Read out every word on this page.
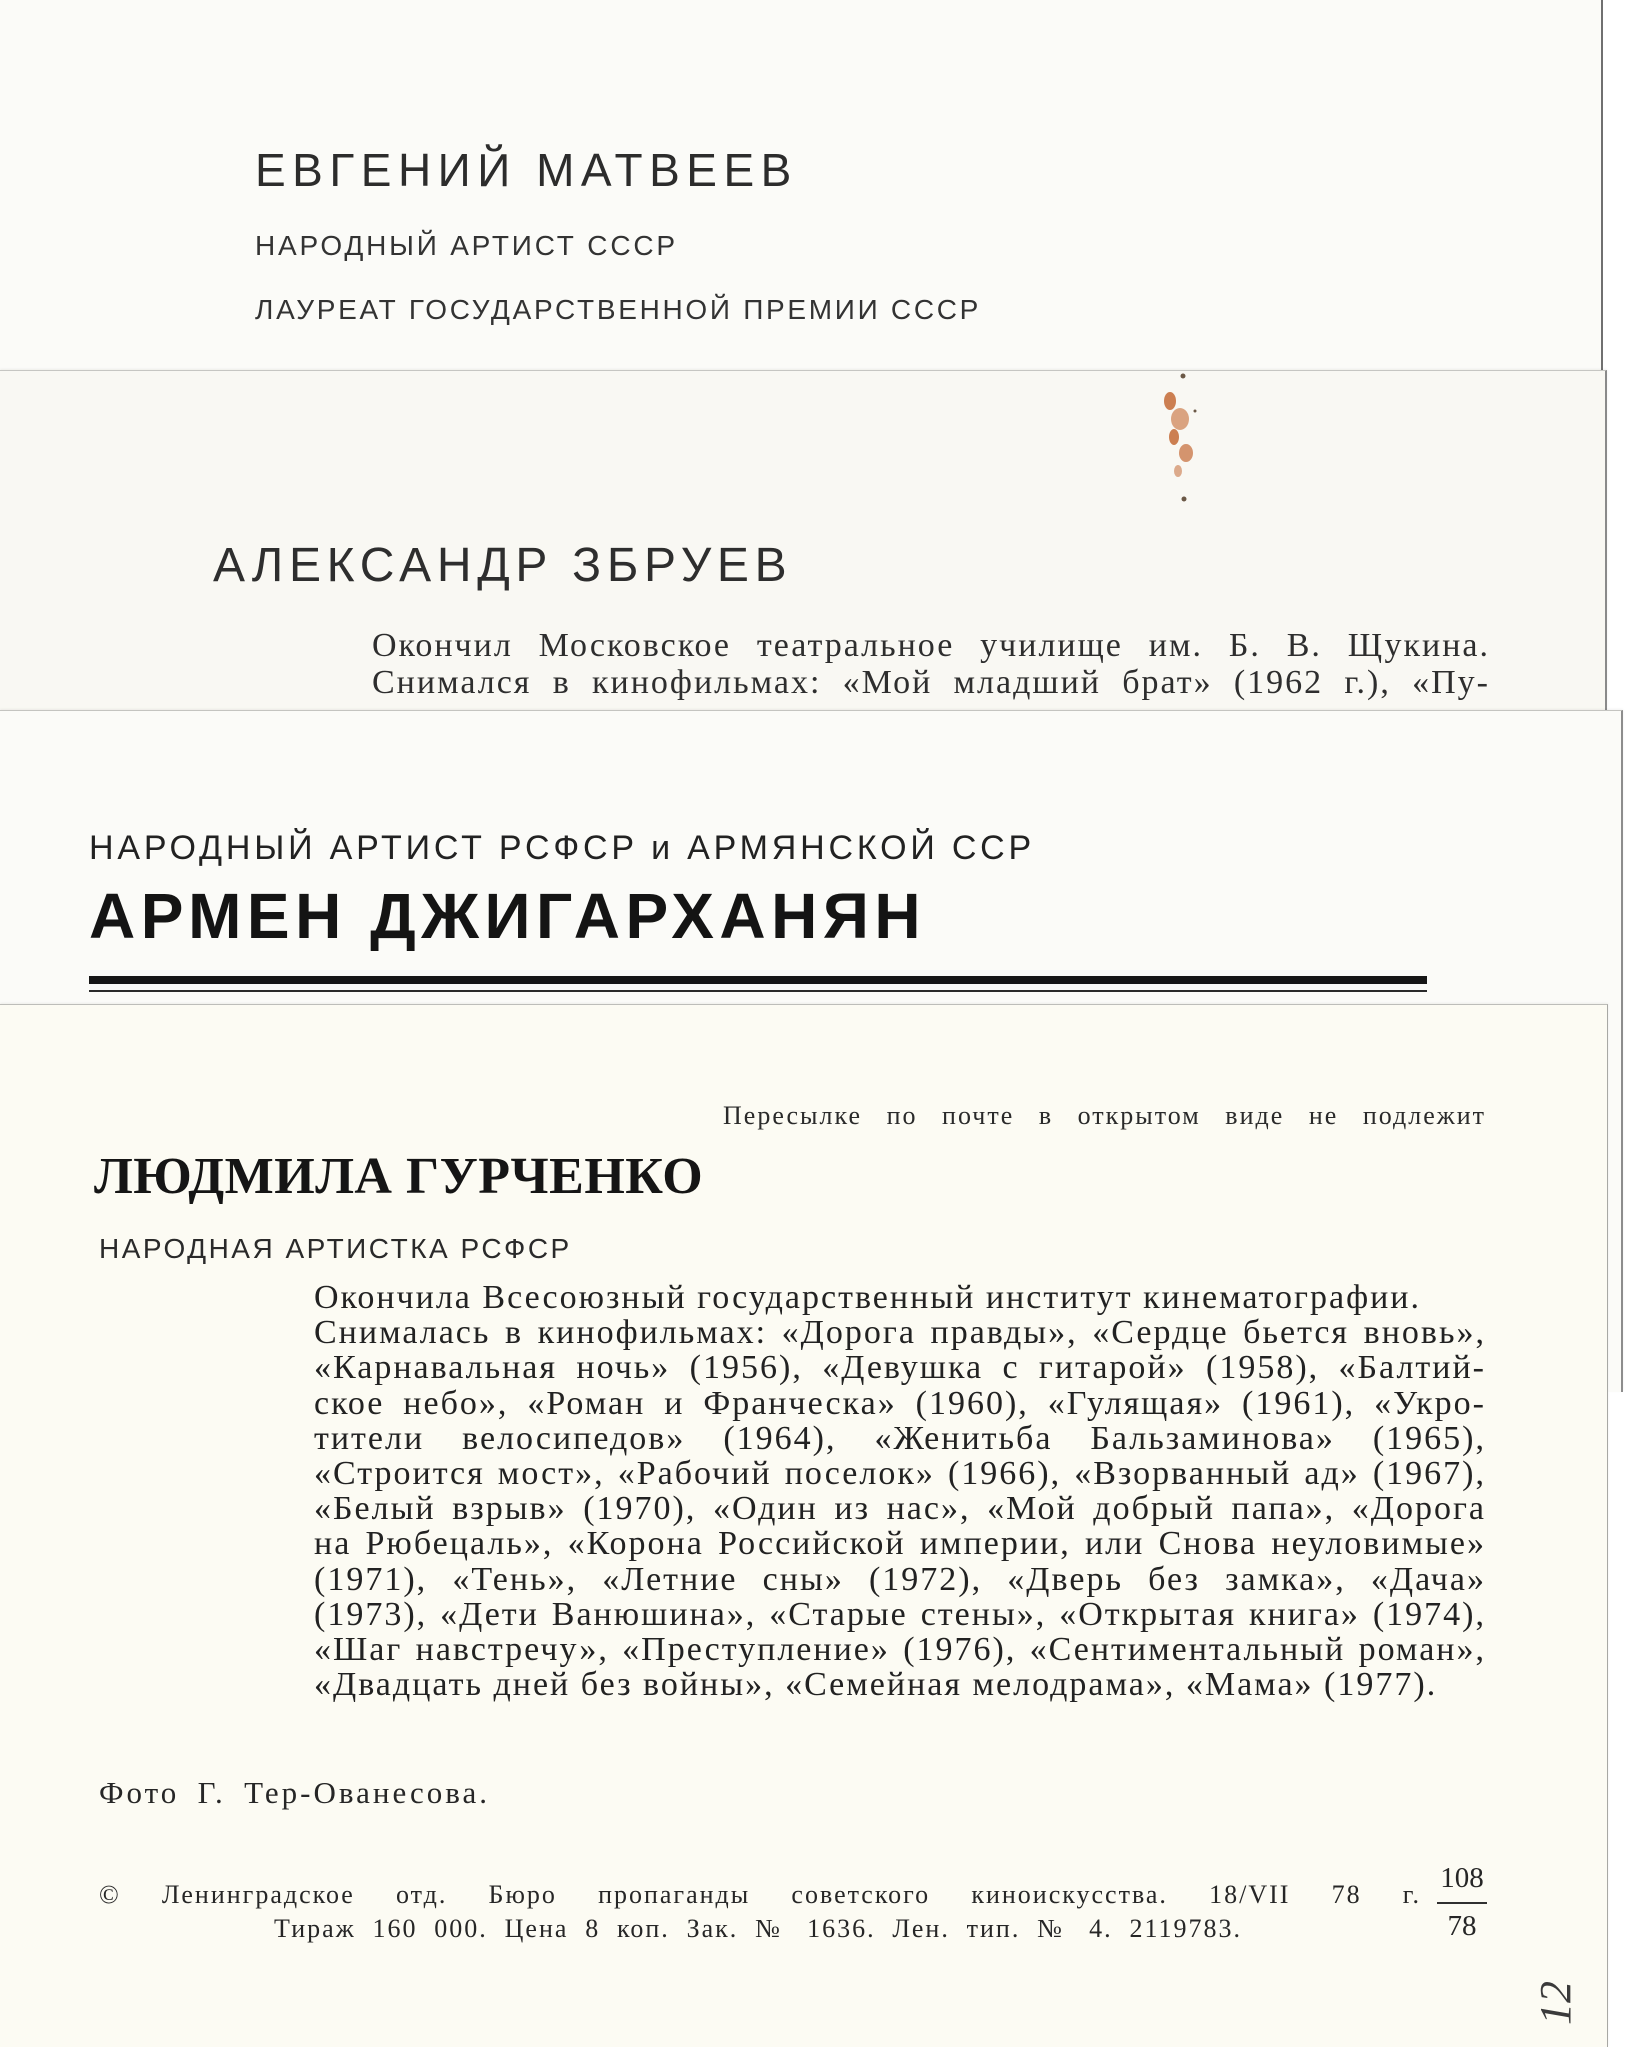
ЕВГЕНИЙ МАТВЕЕВ
НАРОДНЫЙ АРТИСТ СССР
ЛАУРЕАТ ГОСУДАРСТВЕННОЙ ПРЕМИИ СССР
АЛЕКСАНДР ЗБРУЕВ
Окончил Московское театральное училище им. Б. В. Щукина.
Снимался в кинофильмах: «Мой младший брат» (1962 г.), «Пу-
НАРОДНЫЙ АРТИСТ РСФСР и АРМЯНСКОЙ ССР
АРМЕН ДЖИГАРХАНЯН
Пересылке по почте в открытом виде не подлежит
ЛЮДМИЛА ГУРЧЕНКО
НАРОДНАЯ АРТИСТКА РСФСР
Окончила Всесоюзный государственный институт кинематографии.
Снималась в кинофильмах: «Дорога правды», «Сердце бьется вновь»,
«Карнавальная ночь» (1956), «Девушка с гитарой» (1958), «Балтий-
ское небо», «Роман и Франческа» (1960), «Гулящая» (1961), «Укро-
тители велосипедов» (1964), «Женитьба Бальзаминова» (1965),
«Строится мост», «Рабочий поселок» (1966), «Взорванный ад» (1967),
«Белый взрыв» (1970), «Один из нас», «Мой добрый папа», «Дорога
на Рюбецаль», «Корона Российской империи, или Снова неуловимые»
(1971), «Тень», «Летние сны» (1972), «Дверь без замка», «Дача»
(1973), «Дети Ванюшина», «Старые стены», «Открытая книга» (1974),
«Шаг навстречу», «Преступление» (1976), «Сентиментальный роман»,
«Двадцать дней без войны», «Семейная мелодрама», «Мама» (1977).
Фото Г. Тер-Ованесова.
© Ленинградское отд. Бюро пропаганды советского киноискусства. 18/VII 78 г.
Тираж 160 000. Цена 8 коп. Зак. № 1636. Лен. тип. № 4. 2119783.
108
78
12
